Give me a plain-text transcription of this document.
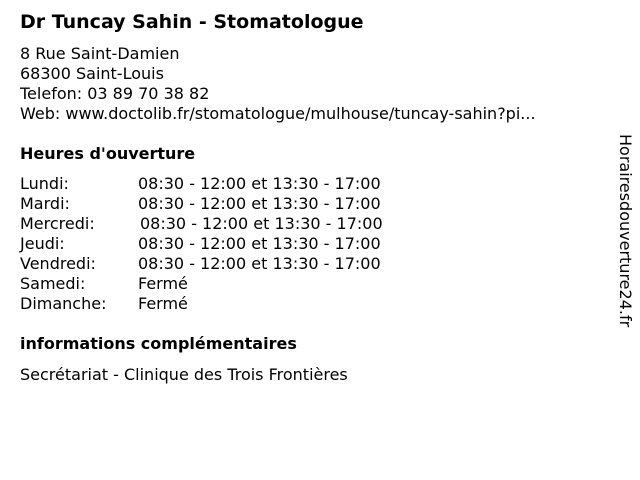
Dr Tuncay Sahin - Stomatologue
8 Rue Saint-Damien
68300 Saint-Louis
Telefon: 03 89 70 38 82
Web: www.doctolib.fr/stomatologue/mulhouse/tuncay-sahin?pi...
Heures d'ouverture
Lundi:	08:30 - 12:00 et 13:30 - 17:00
Mardi:	08:30 - 12:00 et 13:30 - 17:00
Mercredi:	08:30 - 12:00 et 13:30 - 17:00
Jeudi:	08:30 - 12:00 et 13:30 - 17:00
Vendredi:	08:30 - 12:00 et 13:30 - 17:00
Samedi:	Fermé
Dimanche: Fermé
informations complémentaires
Secrétariat - Clinique des Trois Frontières
Horairesdouverture24.fr
